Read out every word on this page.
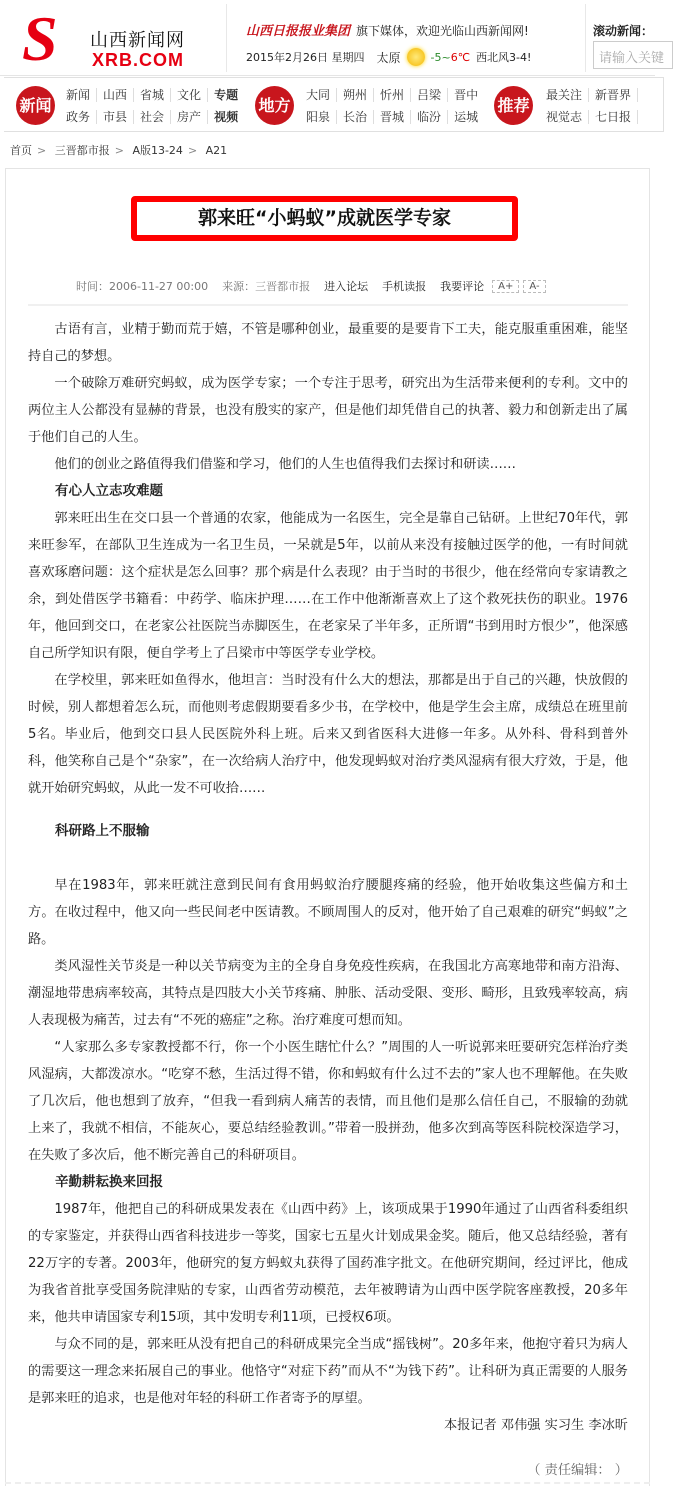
S 山西新闻网
XRB.COM
山西日报报业集团 旗下媒体，欢迎光临山西新闻网!
2015年2月26日 星期四 太原	-5~6℃ 西北风3-4!
滚动新闻：
请输入关键
新闻
新闻
政务
山西
市县
省城
社会
文化
房产
专题
视频
地方
大同
阳泉
朔州
长治
忻州
晋城
吕梁
临汾
晋中
运城
推荐
最关注
视觉志
新晋界
七日报
首页 > 三晋都市报 > A版13-24 > A21
郭来旺“小蚂蚁”成就医学专家
时间：2006-11-27 00:00 来源：三晋都市报 进入论坛 手机读报 我要评论	A+	A-

古语有言，业精于勤而荒于嬉，不管是哪种创业，最重要的是要肯下工夫，能克服重重困难，能坚持自己的梦想。

一个破除万难研究蚂蚁，成为医学专家；一个专注于思考，研究出为生活带来便利的专利。文中的两位主人公都没有显赫的背景，也没有殷实的家产，但是他们却凭借自己的执著、毅力和创新走出了属于他们自己的人生。

他们的创业之路值得我们借鉴和学习，他们的人生也值得我们去探讨和研读……

有心人立志攻难题

郭来旺出生在交口县一个普通的农家，他能成为一名医生，完全是靠自己钻研。上世纪70年代，郭来旺参军，在部队卫生连成为一名卫生员，一呆就是5年，以前从来没有接触过医学的他，一有时间就喜欢琢磨问题：这个症状是怎么回事？那个病是什么表现？由于当时的书很少，他在经常向专家请教之余，到处借医学书籍看：中药学、临床护理……在工作中他渐渐喜欢上了这个救死扶伤的职业。1976年，他回到交口，在老家公社医院当赤脚医生，在老家呆了半年多，正所谓“书到用时方恨少”，他深感自己所学知识有限，便自学考上了吕梁市中等医学专业学校。

在学校里，郭来旺如鱼得水，他坦言：当时没有什么大的想法，那都是出于自己的兴趣，快放假的时候，别人都想着怎么玩，而他则考虑假期要看多少书，在学校中，他是学生会主席，成绩总在班里前5名。毕业后，他到交口县人民医院外科上班。后来又到省医科大进修一年多。从外科、骨科到普外科，他笑称自己是个“杂家”，在一次给病人治疗中，他发现蚂蚁对治疗类风湿病有很大疗效，于是，他就开始研究蚂蚁，从此一发不可收拾……

科研路上不服输

早在1983年，郭来旺就注意到民间有食用蚂蚁治疗腰腿疼痛的经验，他开始收集这些偏方和土方。在收过程中，他又向一些民间老中医请教。不顾周围人的反对，他开始了自己艰难的研究“蚂蚁”之路。

类风湿性关节炎是一种以关节病变为主的全身自身免疫性疾病，在我国北方高寒地带和南方沿海、潮湿地带患病率较高，其特点是四肢大小关节疼痛、肿胀、活动受限、变形、畸形，且致残率较高，病人表现极为痛苦，过去有“不死的癌症”之称。治疗难度可想而知。

“人家那么多专家教授都不行，你一个小医生瞎忙什么？”周围的人一听说郭来旺要研究怎样治疗类风湿病，大都泼凉水。“吃穿不愁，生活过得不错，你和蚂蚁有什么过不去的”家人也不理解他。在失败了几次后，他也想到了放弃，“但我一看到病人痛苦的表情，而且他们是那么信任自己，不服输的劲就上来了，我就不相信，不能灰心，要总结经验教训。”带着一股拼劲，他多次到高等医科院校深造学习，在失败了多次后，他不断完善自己的科研项目。

辛勤耕耘换来回报

1987年，他把自己的科研成果发表在《山西中药》上，该项成果于1990年通过了山西省科委组织的专家鉴定，并获得山西省科技进步一等奖，国家七五星火计划成果金奖。随后，他又总结经验，著有22万字的专著。2003年，他研究的复方蚂蚁丸获得了国药准字批文。在他研究期间，经过评比，他成为我省首批享受国务院津贴的专家，山西省劳动模范，去年被聘请为山西中医学院客座教授，20多年来，他共申请国家专利15项，其中发明专利11项，已授权6项。

与众不同的是，郭来旺从没有把自己的科研成果完全当成“摇钱树”。20多年来，他抱守着只为病人的需要这一理念来拓展自己的事业。他恪守“对症下药”而从不“为钱下药”。让科研为真正需要的人服务是郭来旺的追求，也是他对年轻的科研工作者寄予的厚望。

本报记者 邓伟强 实习生 李冰昕

（ 责任编辑： ）
